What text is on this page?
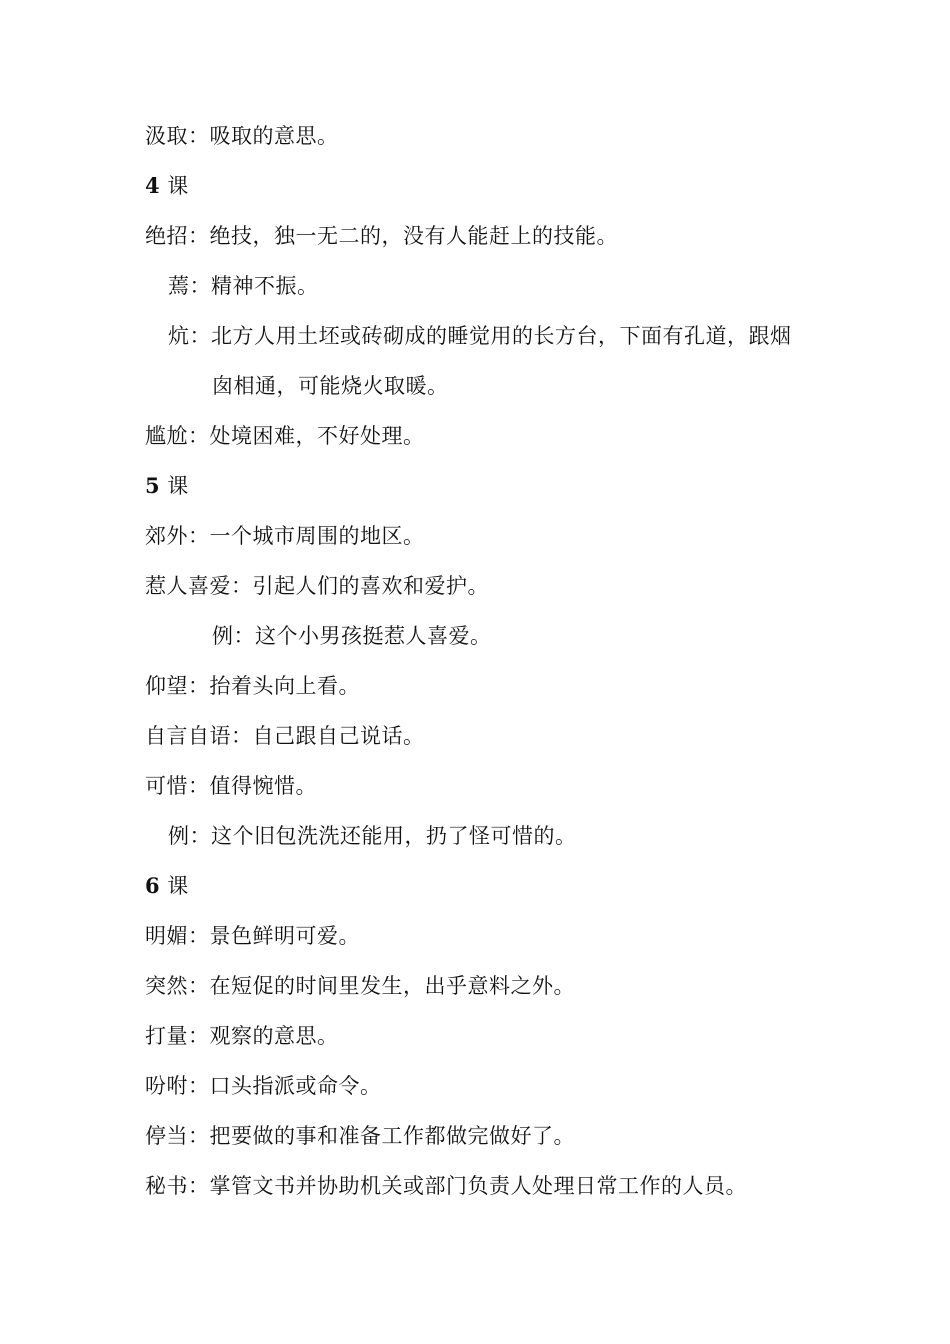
汲取：吸取的意思。
4 课
绝招：绝技，独一无二的，没有人能赶上的技能。
蔫：精神不振。
炕：北方人用土坯或砖砌成的睡觉用的长方台，下面有孔道，跟烟
囱相通，可能烧火取暖。
尴尬：处境困难，不好处理。
5 课
郊外：一个城市周围的地区。
惹人喜爱：引起人们的喜欢和爱护。
例：这个小男孩挺惹人喜爱。
仰望：抬着头向上看。
自言自语：自己跟自己说话。
可惜：值得惋惜。
例：这个旧包洗洗还能用，扔了怪可惜的。
6 课
明媚：景色鲜明可爱。
突然：在短促的时间里发生，出乎意料之外。
打量：观察的意思。
吩咐：口头指派或命令。
停当：把要做的事和准备工作都做完做好了。
秘书：掌管文书并协助机关或部门负责人处理日常工作的人员。
